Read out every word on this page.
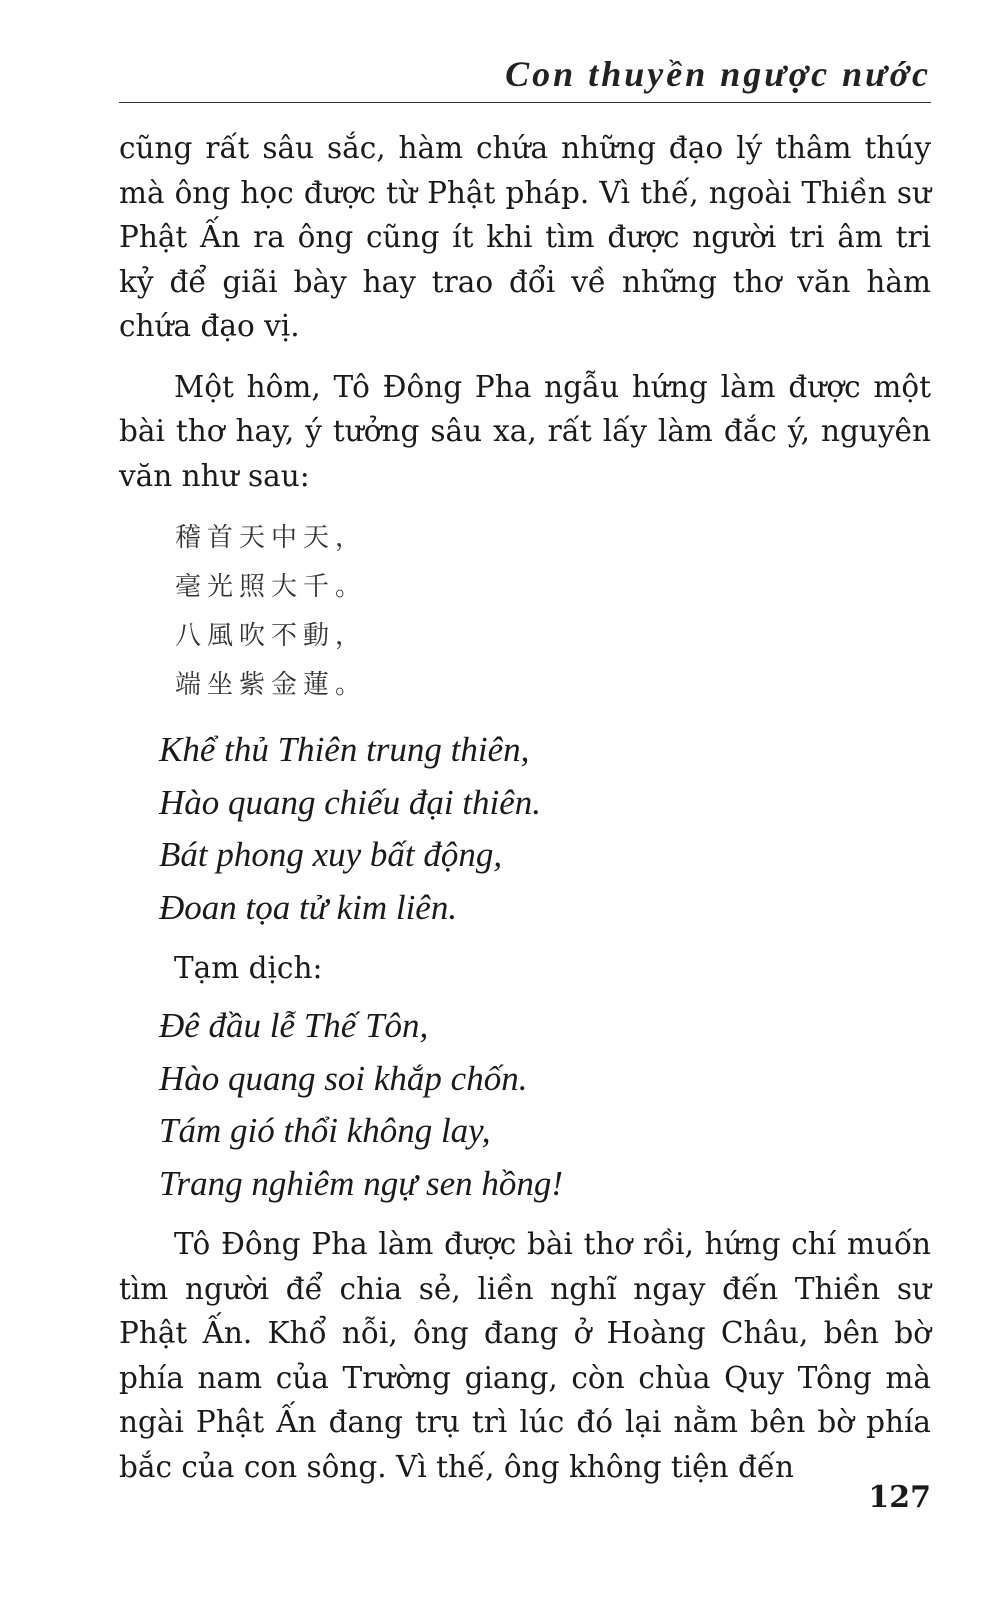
Con thuyền ngược nước

cũng rất sâu sắc, hàm chứa những đạo lý thâm thúy mà ông học được từ Phật pháp. Vì thế, ngoài Thiền sư Phật Ấn ra ông cũng ít khi tìm được người tri âm tri kỷ để giãi bày hay trao đổi về những thơ văn hàm chứa đạo vị.

Một hôm, Tô Đông Pha ngẫu hứng làm được một bài thơ hay, ý tưởng sâu xa, rất lấy làm đắc ý, nguyên văn như sau:

稽首天中天，
毫光照大千。
八風吹不動，
端坐紫金蓮。
Khể thủ Thiên trung thiên,
Hào quang chiếu đại thiên.
Bát phong xuy bất động,
Đoan tọa tử kim liên.
Tạm dịch:
Đê đầu lễ Thế Tôn,
Hào quang soi khắp chốn.
Tám gió thổi không lay,
Trang nghiêm ngự sen hồng!

Tô Đông Pha làm được bài thơ rồi, hứng chí muốn tìm người để chia sẻ, liền nghĩ ngay đến Thiền sư Phật Ấn. Khổ nỗi, ông đang ở Hoàng Châu, bên bờ phía nam của Trường giang, còn chùa Quy Tông mà ngài Phật Ấn đang trụ trì lúc đó lại nằm bên bờ phía bắc của con sông. Vì thế, ông không tiện đến

127
